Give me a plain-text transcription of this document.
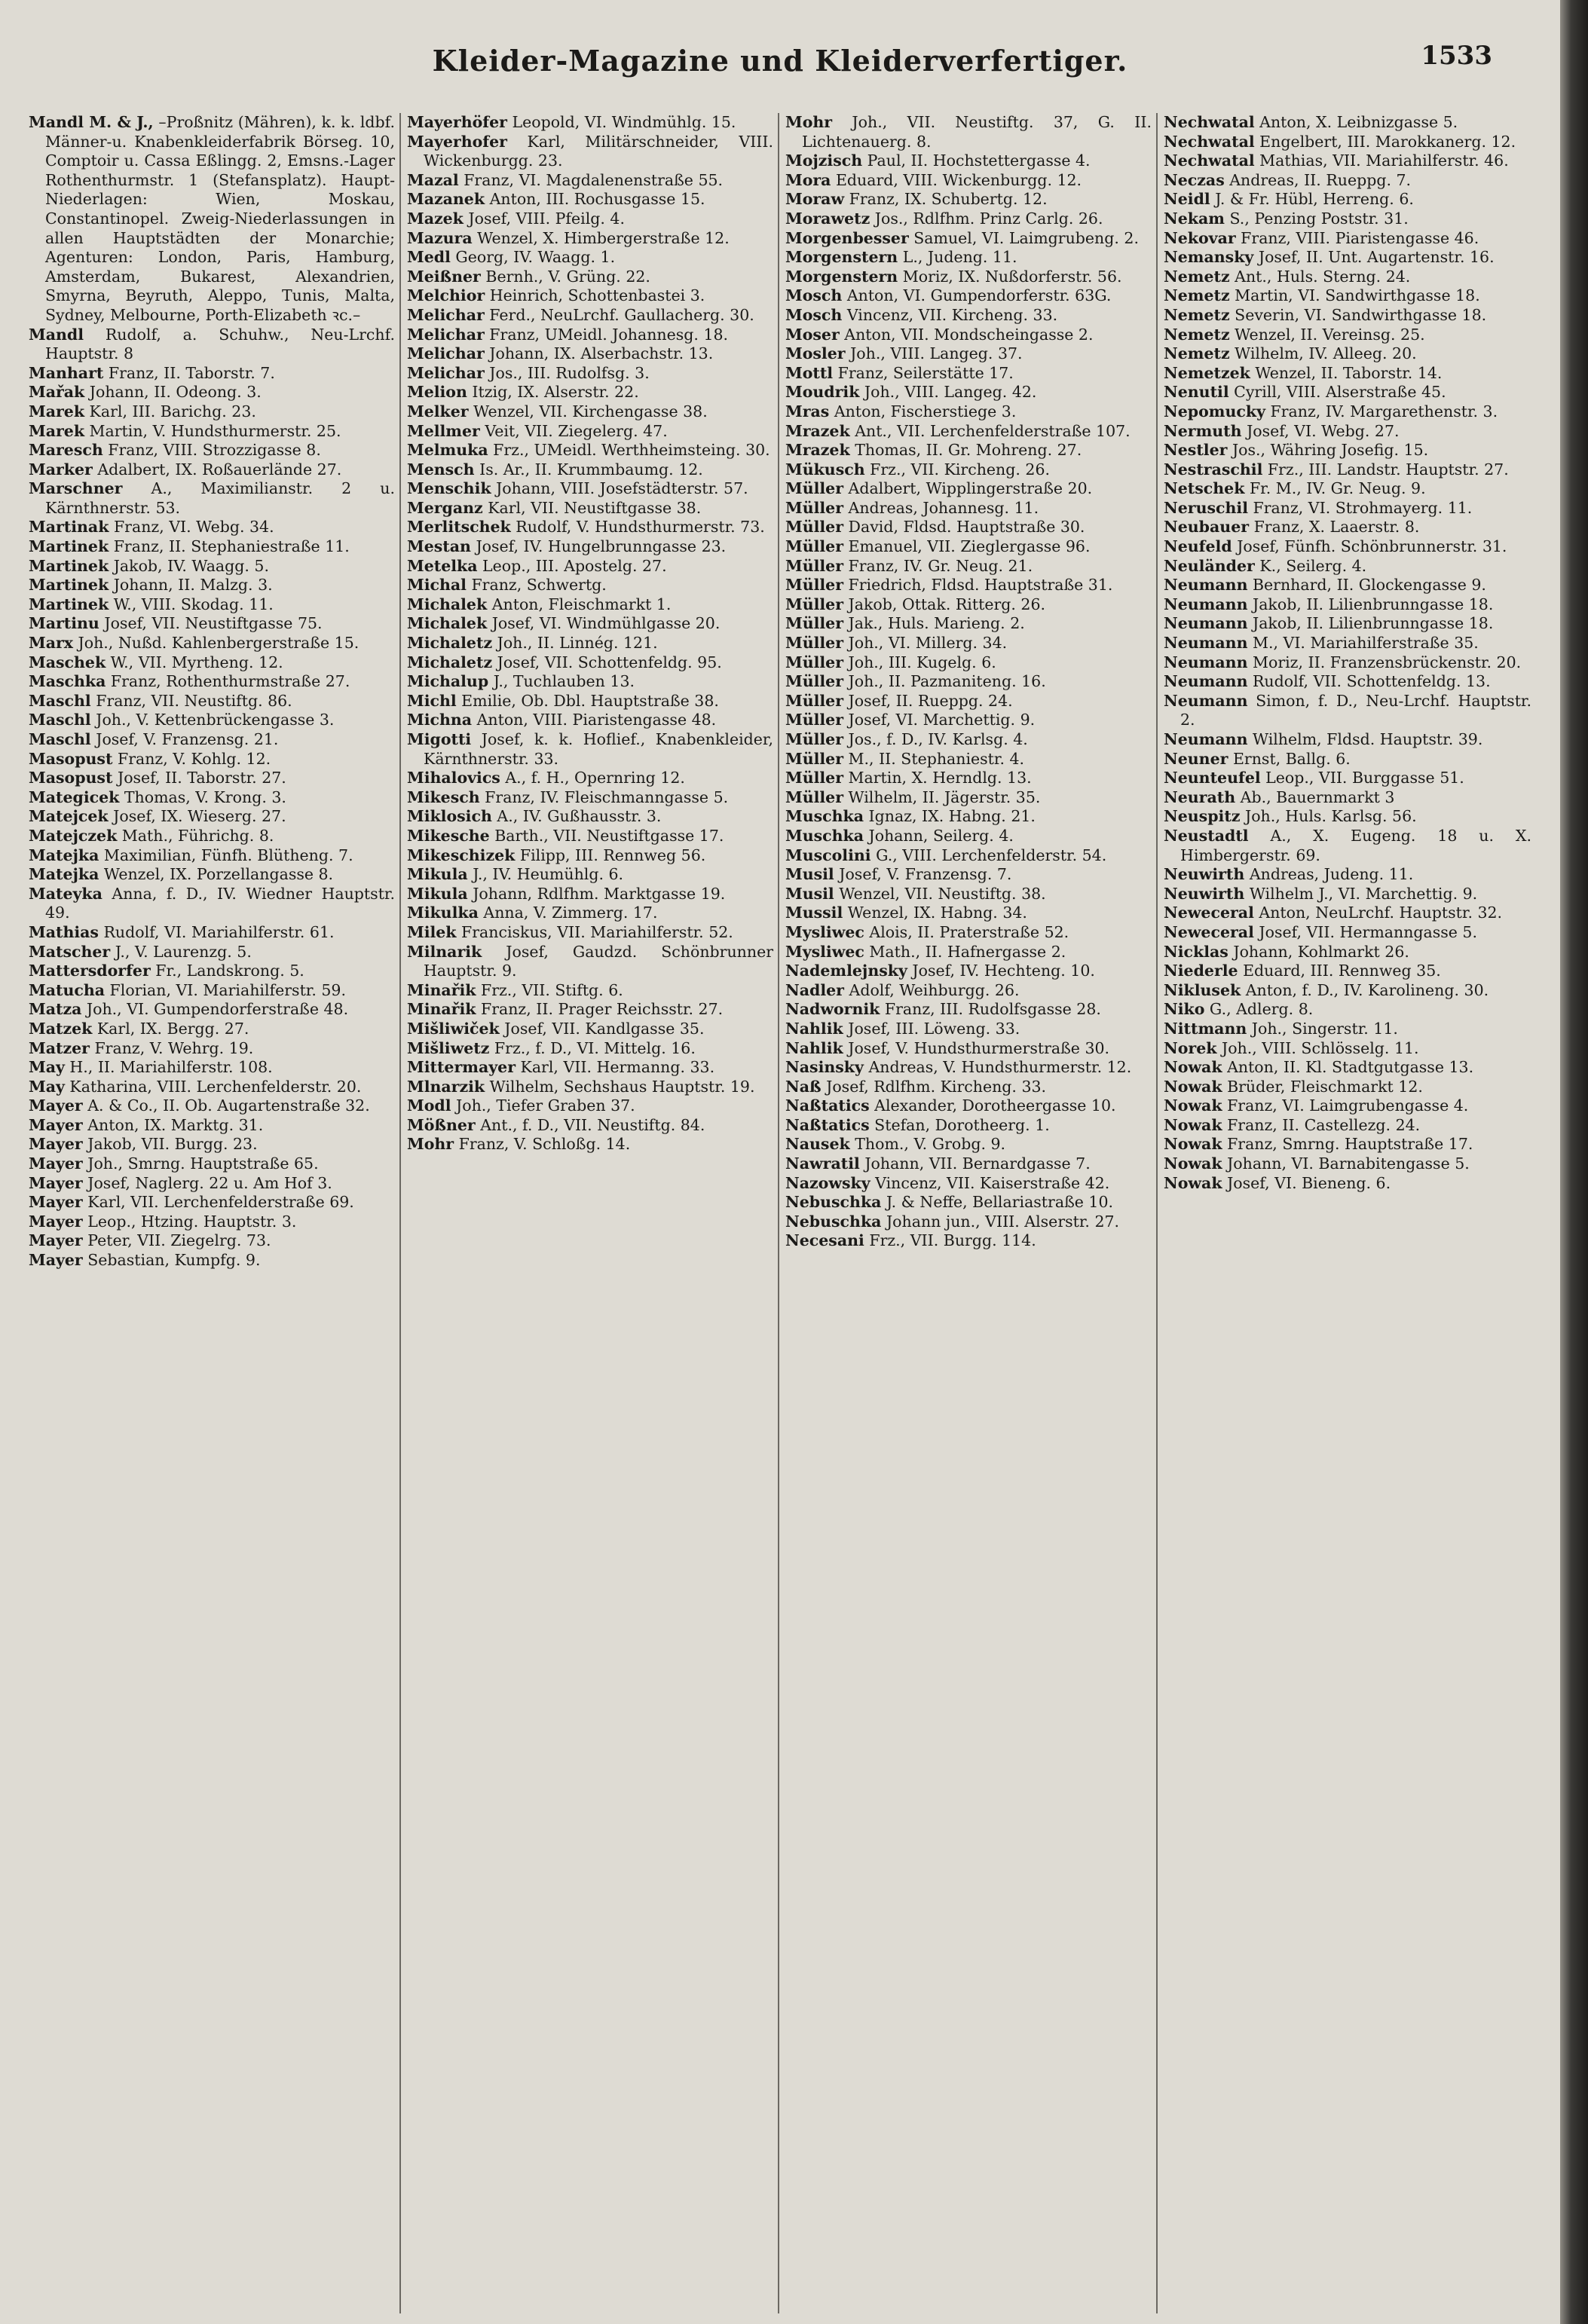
Kleider-Magazine und Kleiderverfertiger.	1533
Mandl M. & J., –Proßnitz (Mähren), k. k. ldbf. Männer-u. Knabenkleiderfabrik Börseg. 10, Comptoir u. Cassa Eßlingg. 2, Emsns.-Lager Rothenthurmstr. 1 (Stefansplatz). Haupt-Niederlagen: Wien, Moskau, Constantinopel. Zweig-Niederlassungen in allen Hauptstädten der Monarchie; Agenturen: London, Paris, Hamburg, Amsterdam, Bukarest, Alexandrien, Smyrna, Beyruth, Aleppo, Tunis, Malta, Sydney, Melbourne, Porth-Elizabeth ꝛc.–
Mandl Rudolf, a. Schuhw., Neu-Lrchf. Hauptstr. 8
Manhart Franz, II. Taborstr. 7.
Mařak Johann, II. Odeong. 3.
Marek Karl, III. Barichg. 23.
Marek Martin, V. Hundsthurmerstr. 25.
Maresch Franz, VIII. Strozzigasse 8.
Marker Adalbert, IX. Roßauerlände 27.
Marschner A., Maximilianstr. 2 u. Kärnthnerstr. 53.
Martinak Franz, VI. Webg. 34.
Martinek Franz, II. Stephaniestraße 11.
Martinek Jakob, IV. Waagg. 5.
Martinek Johann, II. Malzg. 3.
Martinek W., VIII. Skodag. 11.
Martinu Josef, VII. Neustiftgasse 75.
Marx Joh., Nußd. Kahlenbergerstraße 15.
Maschek W., VII. Myrtheng. 12.
Maschka Franz, Rothenthurmstraße 27.
Maschl Franz, VII. Neustiftg. 86.
Maschl Joh., V. Kettenbrückengasse 3.
Maschl Josef, V. Franzensg. 21.
Masopust Franz, V. Kohlg. 12.
Masopust Josef, II. Taborstr. 27.
Mategicek Thomas, V. Krong. 3.
Matejcek Josef, IX. Wieserg. 27.
Matejczek Math., Führichg. 8.
Matejka Maximilian, Fünfh. Blütheng. 7.
Matejka Wenzel, IX. Porzellangasse 8.
Mateyka Anna, f. D., IV. Wiedner Hauptstr. 49.
Mathias Rudolf, VI. Mariahilferstr. 61.
Matscher J., V. Laurenzg. 5.
Mattersdorfer Fr., Landskrong. 5.
Matucha Florian, VI. Mariahilferstr. 59.
Matza Joh., VI. Gumpendorferstraße 48.
Matzek Karl, IX. Bergg. 27.
Matzer Franz, V. Wehrg. 19.
May H., II. Mariahilferstr. 108.
May Katharina, VIII. Lerchenfelderstr. 20.
Mayer A. & Co., II. Ob. Augartenstraße 32.
Mayer Anton, IX. Marktg. 31.
Mayer Jakob, VII. Burgg. 23.
Mayer Joh., Smrng. Hauptstraße 65.
Mayer Josef, Naglerg. 22 u. Am Hof 3.
Mayer Karl, VII. Lerchenfelderstraße 69.
Mayer Leop., Htzing. Hauptstr. 3.
Mayer Peter, VII. Ziegelrg. 73.
Mayer Sebastian, Kumpfg. 9.
Mayerhöfer Leopold, VI. Windmühlg. 15.
Mayerhofer Karl, Militärschneider, VIII. Wickenburgg. 23.
Mazal Franz, VI. Magdalenenstraße 55.
Mazanek Anton, III. Rochusgasse 15.
Mazek Josef, VIII. Pfeilg. 4.
Mazura Wenzel, X. Himbergerstraße 12.
Medl Georg, IV. Waagg. 1.
Meißner Bernh., V. Grüng. 22.
Melchior Heinrich, Schottenbastei 3.
Melichar Ferd., NeuLrchf. Gaullacherg. 30.
Melichar Franz, UMeidl. Johannesg. 18.
Melichar Johann, IX. Alserbachstr. 13.
Melichar Jos., III. Rudolfsg. 3.
Melion Itzig, IX. Alserstr. 22.
Melker Wenzel, VII. Kirchengasse 38.
Mellmer Veit, VII. Ziegelerg. 47.
Melmuka Frz., UMeidl. Werthheimsteing. 30.
Mensch Is. Ar., II. Krummbaumg. 12.
Menschik Johann, VIII. Josefstädterstr. 57.
Merganz Karl, VII. Neustiftgasse 38.
Merlitschek Rudolf, V. Hundsthurmerstr. 73.
Mestan Josef, IV. Hungelbrunngasse 23.
Metelka Leop., III. Apostelg. 27.
Michal Franz, Schwertg.
Michalek Anton, Fleischmarkt 1.
Michalek Josef, VI. Windmühlgasse 20.
Michaletz Joh., II. Linnég. 121.
Michaletz Josef, VII. Schottenfeldg. 95.
Michalup J., Tuchlauben 13.
Michl Emilie, Ob. Dbl. Hauptstraße 38.
Michna Anton, VIII. Piaristengasse 48.
Migotti Josef, k. k. Hoflief., Knabenkleider, Kärnthnerstr. 33.
Mihalovics A., f. H., Opernring 12.
Mikesch Franz, IV. Fleischmanngasse 5.
Miklosich A., IV. Gußhausstr. 3.
Mikesche Barth., VII. Neustiftgasse 17.
Mikeschizek Filipp, III. Rennweg 56.
Mikula J., IV. Heumühlg. 6.
Mikula Johann, Rdlfhm. Marktgasse 19.
Mikulka Anna, V. Zimmerg. 17.
Milek Franciskus, VII. Mariahilferstr. 52.
Milnarik Josef, Gaudzd. Schönbrunner Hauptstr. 9.
Minařik Frz., VII. Stiftg. 6.
Minařik Franz, II. Prager Reichsstr. 27.
Mišliwiček Josef, VII. Kandlgasse 35.
Mišliwetz Frz., f. D., VI. Mittelg. 16.
Mittermayer Karl, VII. Hermanng. 33.
Mlnarzik Wilhelm, Sechshaus Hauptstr. 19.
Modl Joh., Tiefer Graben 37.
Mößner Ant., f. D., VII. Neustiftg. 84.
Mohr Franz, V. Schloßg. 14.
Mohr Joh., VII. Neustiftg. 37, G. II. Lichtenauerg. 8.
Mojzisch Paul, II. Hochstettergasse 4.
Mora Eduard, VIII. Wickenburgg. 12.
Moraw Franz, IX. Schubertg. 12.
Morawetz Jos., Rdlfhm. Prinz Carlg. 26.
Morgenbesser Samuel, VI. Laimgrubeng. 2.
Morgenstern L., Judeng. 11.
Morgenstern Moriz, IX. Nußdorferstr. 56.
Mosch Anton, VI. Gumpendorferstr. 63G.
Mosch Vincenz, VII. Kircheng. 33.
Moser Anton, VII. Mondscheingasse 2.
Mosler Joh., VIII. Langeg. 37.
Mottl Franz, Seilerstätte 17.
Moudrik Joh., VIII. Langeg. 42.
Mras Anton, Fischerstiege 3.
Mrazek Ant., VII. Lerchenfelderstraße 107.
Mrazek Thomas, II. Gr. Mohreng. 27.
Mükusch Frz., VII. Kircheng. 26.
Müller Adalbert, Wipplingerstraße 20.
Müller Andreas, Johannesg. 11.
Müller David, Fldsd. Hauptstraße 30.
Müller Emanuel, VII. Zieglergasse 96.
Müller Franz, IV. Gr. Neug. 21.
Müller Friedrich, Fldsd. Hauptstraße 31.
Müller Jakob, Ottak. Ritterg. 26.
Müller Jak., Huls. Marieng. 2.
Müller Joh., VI. Millerg. 34.
Müller Joh., III. Kugelg. 6.
Müller Joh., II. Pazmaniteng. 16.
Müller Josef, II. Rueppg. 24.
Müller Josef, VI. Marchettig. 9.
Müller Jos., f. D., IV. Karlsg. 4.
Müller M., II. Stephaniestr. 4.
Müller Martin, X. Herndlg. 13.
Müller Wilhelm, II. Jägerstr. 35.
Muschka Ignaz, IX. Habng. 21.
Muschka Johann, Seilerg. 4.
Muscolini G., VIII. Lerchenfelderstr. 54.
Musil Josef, V. Franzensg. 7.
Musil Wenzel, VII. Neustiftg. 38.
Mussil Wenzel, IX. Habng. 34.
Mysliwec Alois, II. Praterstraße 52.
Mysliwec Math., II. Hafnergasse 2.
Nademlejnsky Josef, IV. Hechteng. 10.
Nadler Adolf, Weihburgg. 26.
Nadwornik Franz, III. Rudolfsgasse 28.
Nahlik Josef, III. Löweng. 33.
Nahlik Josef, V. Hundsthurmerstraße 30.
Nasinsky Andreas, V. Hundsthurmerstr. 12.
Naß Josef, Rdlfhm. Kircheng. 33.
Naßtatics Alexander, Dorotheergasse 10.
Naßtatics Stefan, Dorotheerg. 1.
Nausek Thom., V. Grobg. 9.
Nawratil Johann, VII. Bernardgasse 7.
Nazowsky Vincenz, VII. Kaiserstraße 42.
Nebuschka J. & Neffe, Bellariastraße 10.
Nebuschka Johann jun., VIII. Alserstr. 27.
Necesani Frz., VII. Burgg. 114.
Nechwatal Anton, X. Leibnizgasse 5.
Nechwatal Engelbert, III. Marokkanerg. 12.
Nechwatal Mathias, VII. Mariahilferstr. 46.
Neczas Andreas, II. Rueppg. 7.
Neidl J. & Fr. Hübl, Herreng. 6.
Nekam S., Penzing Poststr. 31.
Nekovar Franz, VIII. Piaristengasse 46.
Nemansky Josef, II. Unt. Augartenstr. 16.
Nemetz Ant., Huls. Sterng. 24.
Nemetz Martin, VI. Sandwirthgasse 18.
Nemetz Severin, VI. Sandwirthgasse 18.
Nemetz Wenzel, II. Vereinsg. 25.
Nemetz Wilhelm, IV. Alleeg. 20.
Nemetzek Wenzel, II. Taborstr. 14.
Nenutil Cyrill, VIII. Alserstraße 45.
Nepomucky Franz, IV. Margarethenstr. 3.
Nermuth Josef, VI. Webg. 27.
Nestler Jos., Währing Josefig. 15.
Nestraschil Frz., III. Landstr. Hauptstr. 27.
Netschek Fr. M., IV. Gr. Neug. 9.
Neruschil Franz, VI. Strohmayerg. 11.
Neubauer Franz, X. Laaerstr. 8.
Neufeld Josef, Fünfh. Schönbrunnerstr. 31.
Neuländer K., Seilerg. 4.
Neumann Bernhard, II. Glockengasse 9.
Neumann Jakob, II. Lilienbrunngasse 18.
Neumann Jakob, II. Lilienbrunngasse 18.
Neumann M., VI. Mariahilferstraße 35.
Neumann Moriz, II. Franzensbrückenstr. 20.
Neumann Rudolf, VII. Schottenfeldg. 13.
Neumann Simon, f. D., Neu-Lrchf. Hauptstr. 2.
Neumann Wilhelm, Fldsd. Hauptstr. 39.
Neuner Ernst, Ballg. 6.
Neunteufel Leop., VII. Burggasse 51.
Neurath Ab., Bauernmarkt 3
Neuspitz Joh., Huls. Karlsg. 56.
Neustadtl A., X. Eugeng. 18 u. X. Himbergerstr. 69.
Neuwirth Andreas, Judeng. 11.
Neuwirth Wilhelm J., VI. Marchettig. 9.
Neweceral Anton, NeuLrchf. Hauptstr. 32.
Neweceral Josef, VII. Hermanngasse 5.
Nicklas Johann, Kohlmarkt 26.
Niederle Eduard, III. Rennweg 35.
Niklusek Anton, f. D., IV. Karolineng. 30.
Niko G., Adlerg. 8.
Nittmann Joh., Singerstr. 11.
Norek Joh., VIII. Schlösselg. 11.
Nowak Anton, II. Kl. Stadtgutgasse 13.
Nowak Brüder, Fleischmarkt 12.
Nowak Franz, VI. Laimgrubengasse 4.
Nowak Franz, II. Castellezg. 24.
Nowak Franz, Smrng. Hauptstraße 17.
Nowak Johann, VI. Barnabitengasse 5.
Nowak Josef, VI. Bieneng. 6.
